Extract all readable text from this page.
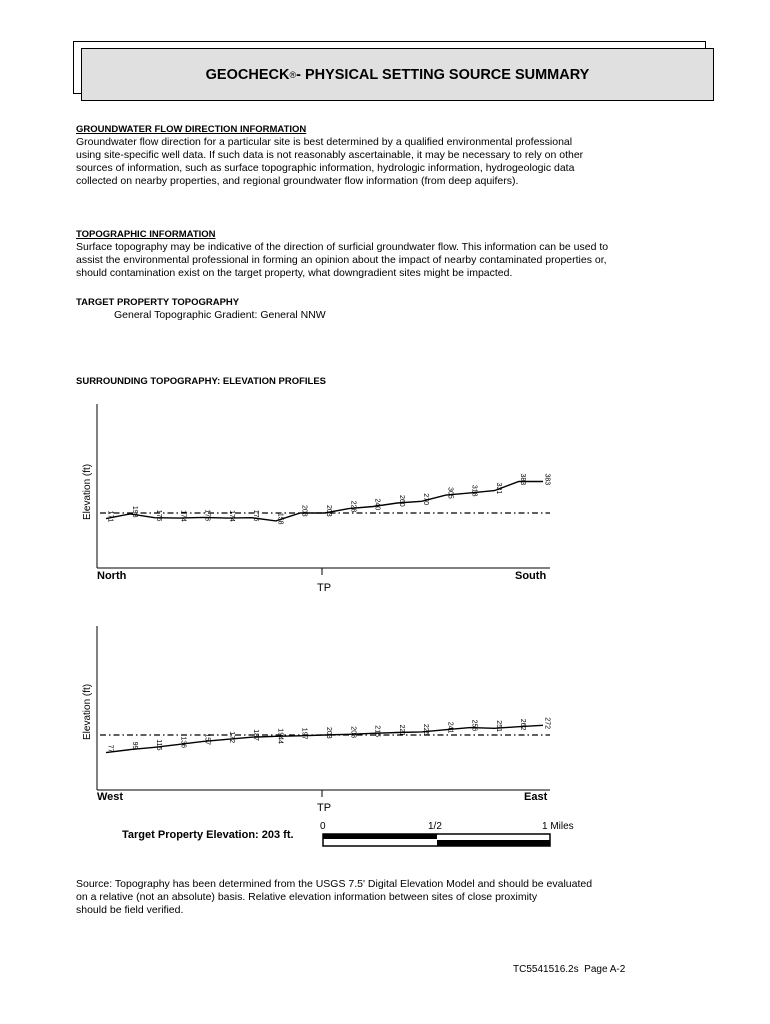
GEOCHECK ® - PHYSICAL SETTING SOURCE SUMMARY
GROUNDWATER FLOW DIRECTION INFORMATION
Groundwater flow direction for a particular site is best determined by a qualified environmental professional
using site-specific well data. If such data is not reasonably ascertainable, it may be necessary to rely on other
sources of information, such as surface topographic information, hydrologic information, hydrogeologic data
collected on nearby properties, and regional groundwater flow information (from deep aquifers).
TOPOGRAPHIC INFORMATION
Surface topography may be indicative of the direction of surficial groundwater flow. This information can be used to
assist the environmental professional in forming an opinion about the impact of nearby contaminated properties or,
should contamination exist on the target property, what downgradient sites might be impacted.
TARGET PROPERTY TOPOGRAPHY
General Topographic Gradient: General NNW
SURROUNDING TOPOGRAPHY: ELEVATION PROFILES
Elevation (ft) 171 198 176 174 178 174 176 158
203 203 228 240 260 270
305 318 331
383 383
North	South
TP
Elevation (ft)
77 99 115 136 157 172 187 1944 197 203 208 215 221 225 241 256 251 262 272
West	East
TP
0	1/2	1 Miles
Target Property Elevation: 203 ft.
Source: Topography has been determined from the USGS 7.5' Digital Elevation Model and should be evaluated
on a relative (not an absolute) basis. Relative elevation information between sites of close proximity
should be field verified.
TC5541516.2s Page A-2
